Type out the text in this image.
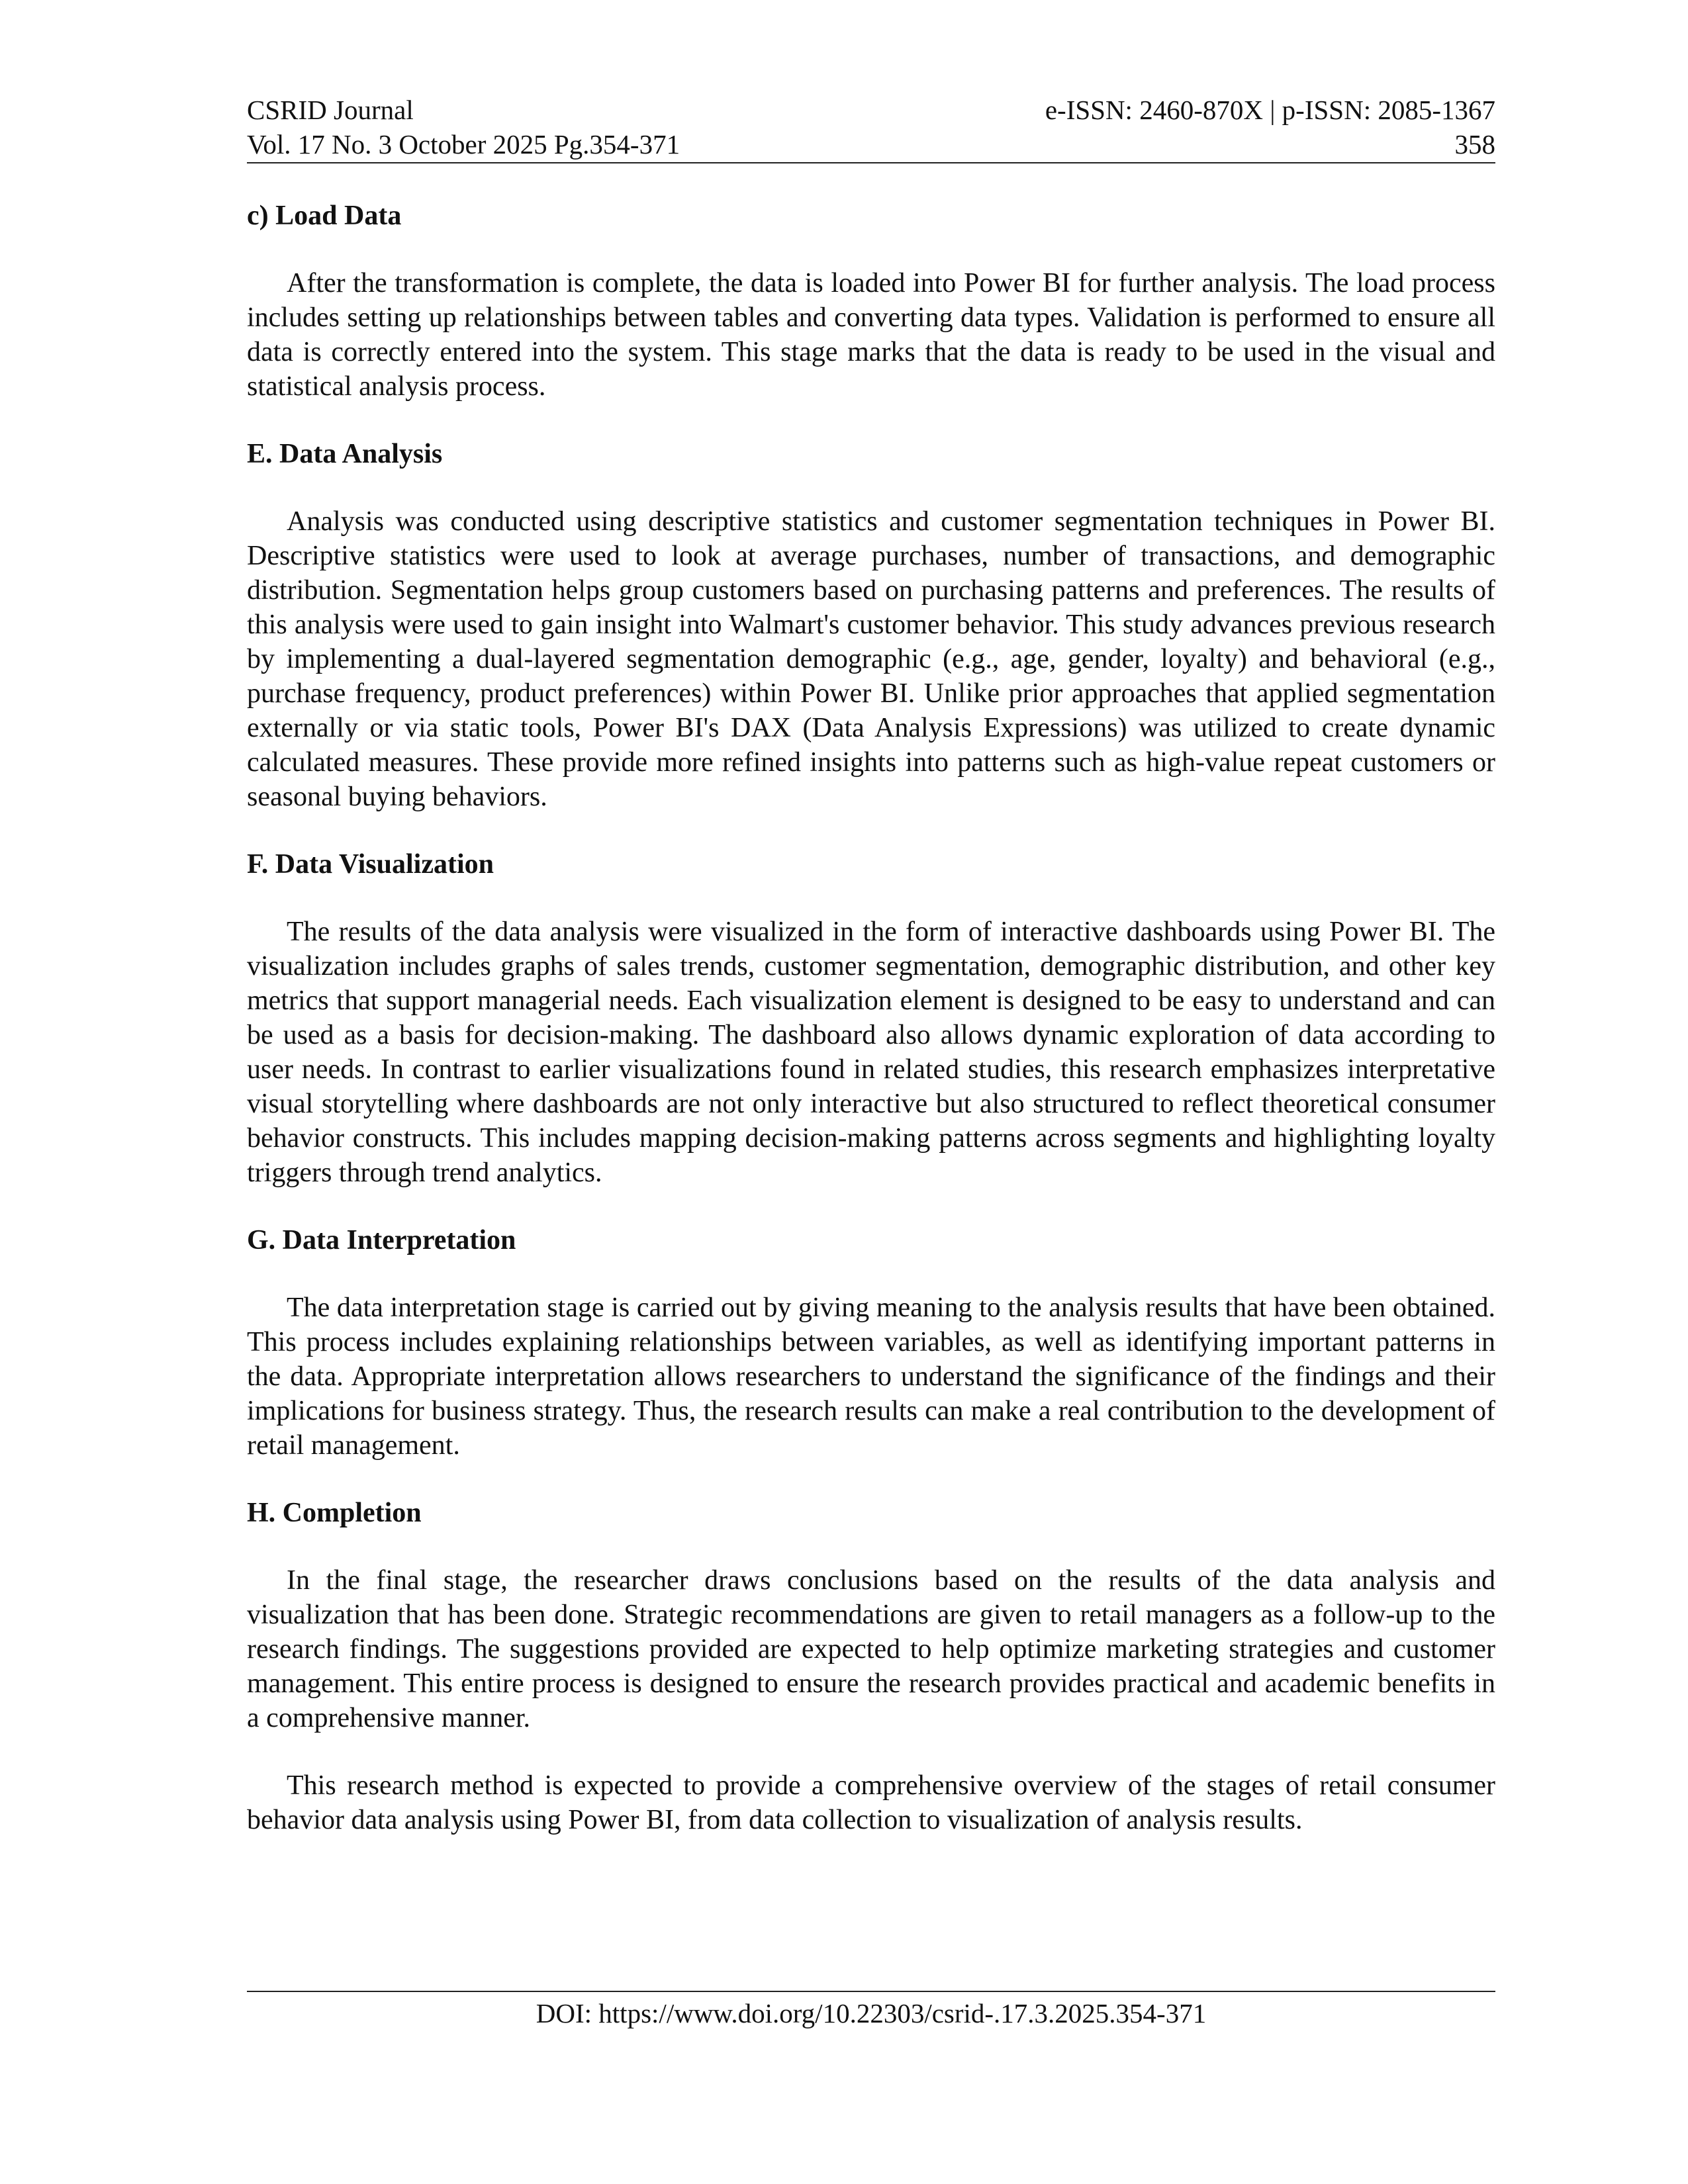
CSRID Journal	e-ISSN: 2460-870X | p-ISSN: 2085-1367
Vol. 17 No. 3 October 2025 Pg.354-371	358
c) Load Data

After the transformation is complete, the data is loaded into Power BI for further analysis. The load process includes setting up relationships between tables and converting data types. Validation is performed to ensure all data is correctly entered into the system. This stage marks that the data is ready to be used in the visual and statistical analysis process.

E. Data Analysis

Analysis was conducted using descriptive statistics and customer segmentation techniques in Power BI. Descriptive statistics were used to look at average purchases, number of transactions, and demographic distribution. Segmentation helps group customers based on purchasing patterns and preferences. The results of this analysis were used to gain insight into Walmart's customer behavior. This study advances previous research by implementing a dual-layered segmentation demographic (e.g., age, gender, loyalty) and behavioral (e.g., purchase frequency, product preferences) within Power BI. Unlike prior approaches that applied segmentation externally or via static tools, Power BI's DAX (Data Analysis Expressions) was utilized to create dynamic calculated measures. These provide more refined insights into patterns such as high-value repeat customers or seasonal buying behaviors.

F. Data Visualization

The results of the data analysis were visualized in the form of interactive dashboards using Power BI. The visualization includes graphs of sales trends, customer segmentation, demographic distribution, and other key metrics that support managerial needs. Each visualization element is designed to be easy to understand and can be used as a basis for decision-making. The dashboard also allows dynamic exploration of data according to user needs. In contrast to earlier visualizations found in related studies, this research emphasizes interpretative visual storytelling where dashboards are not only interactive but also structured to reflect theoretical consumer behavior constructs. This includes mapping decision-making patterns across segments and highlighting loyalty triggers through trend analytics.

G. Data Interpretation

The data interpretation stage is carried out by giving meaning to the analysis results that have been obtained. This process includes explaining relationships between variables, as well as identifying important patterns in the data. Appropriate interpretation allows researchers to understand the significance of the findings and their implications for business strategy. Thus, the research results can make a real contribution to the development of retail management.

H. Completion

In the final stage, the researcher draws conclusions based on the results of the data analysis and visualization that has been done. Strategic recommendations are given to retail managers as a follow-up to the research findings. The suggestions provided are expected to help optimize marketing strategies and customer management. This entire process is designed to ensure the research provides practical and academic benefits in a comprehensive manner.

This research method is expected to provide a comprehensive overview of the stages of retail consumer behavior data analysis using Power BI, from data collection to visualization of analysis results.

DOI: https://www.doi.org/10.22303/csrid-.17.3.2025.354-371
